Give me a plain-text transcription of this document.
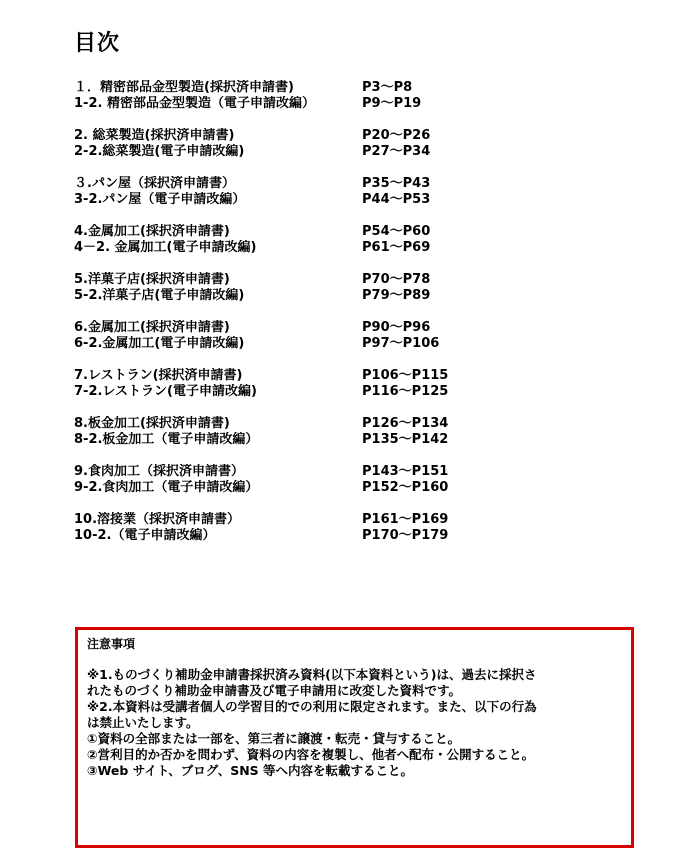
目次
１．精密部品金型製造(採択済申請書)	P3～P8
1-2. 精密部品金型製造（電子申請改編）	P9～P19
2. 総菜製造(採択済申請書)	P20～P26
2-2.総菜製造(電子申請改編)	P27～P34
３.パン屋（採択済申請書）	P35～P43
3-2.パン屋（電子申請改編）	P44～P53
4.金属加工(採択済申請書)	P54～P60
4－2. 金属加工(電子申請改編)	P61～P69
5.洋菓子店(採択済申請書)	P70～P78
5-2.洋菓子店(電子申請改編)	P79～P89
6.金属加工(採択済申請書)	P90～P96
6-2.金属加工(電子申請改編)	P97～P106
7.レストラン(採択済申請書)	P106～P115
7-2.レストラン(電子申請改編)	P116～P125
8.板金加工(採択済申請書)	P126～P134
8-2.板金加工（電子申請改編）	P135～P142
9.食肉加工（採択済申請書）	P143～P151
9-2.食肉加工（電子申請改編）	P152～P160
10.溶接業（採択済申請書）	P161～P169
10-2.（電子申請改編）	P170～P179
注意事項
※1.ものづくり補助金申請書採択済み資料(以下本資料という)は、過去に採択さ
れたものづくり補助金申請書及び電子申請用に改変した資料です。
※2.本資料は受講者個人の学習目的での利用に限定されます。また、以下の行為
は禁止いたします。
①資料の全部または一部を、第三者に譲渡・転売・貸与すること。
②営利目的か否かを問わず、資料の内容を複製し、他者へ配布・公開すること。
③Web サイト、ブログ、SNS 等へ内容を転載すること。
